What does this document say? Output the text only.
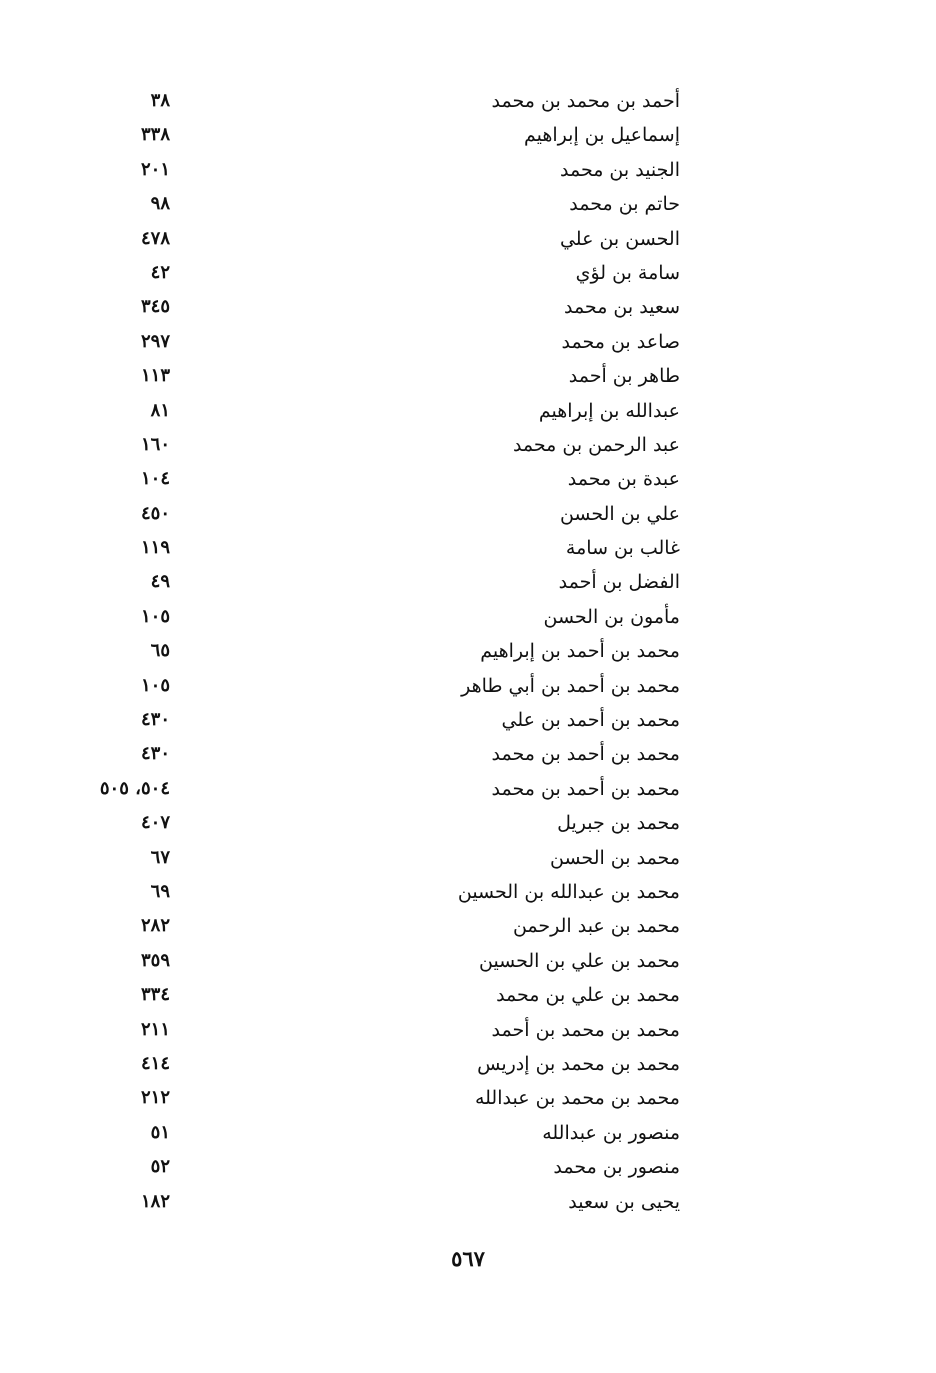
أحمد بن محمد بن محمد
٣٨
إسماعيل بن إبراهيم
٣٣٨
الجنيد بن محمد
٢٠١
حاتم بن محمد
٩٨
الحسن بن علي
٤٧٨
سامة بن لؤي
٤٢
سعيد بن محمد
٣٤٥
صاعد بن محمد
٢٩٧
طاهر بن أحمد
١١٣
عبدالله بن إبراهيم
٨١
عبد الرحمن بن محمد
١٦٠
عبدة بن محمد
١٠٤
علي بن الحسن
٤٥٠
غالب بن سامة
١١٩
الفضل بن أحمد
٤٩
مأمون بن الحسن
١٠٥
محمد بن أحمد بن إبراهيم
٦٥
محمد بن أحمد بن أبي طاهر
١٠٥
محمد بن أحمد بن علي
٤٣٠
محمد بن أحمد بن محمد
٤٣٠
محمد بن أحمد بن محمد
٥٠٤، ٥٠٥
محمد بن جبريل
٤٠٧
محمد بن الحسن
٦٧
محمد بن عبدالله بن الحسين
٦٩
محمد بن عبد الرحمن
٢٨٢
محمد بن علي بن الحسين
٣٥٩
محمد بن علي بن محمد
٣٣٤
محمد بن محمد بن أحمد
٢١١
محمد بن محمد بن إدريس
٤١٤
محمد بن محمد بن عبدالله
٢١٢
منصور بن عبدالله
٥١
منصور بن محمد
٥٢
يحيى بن سعيد
١٨٢
٥٦٧
